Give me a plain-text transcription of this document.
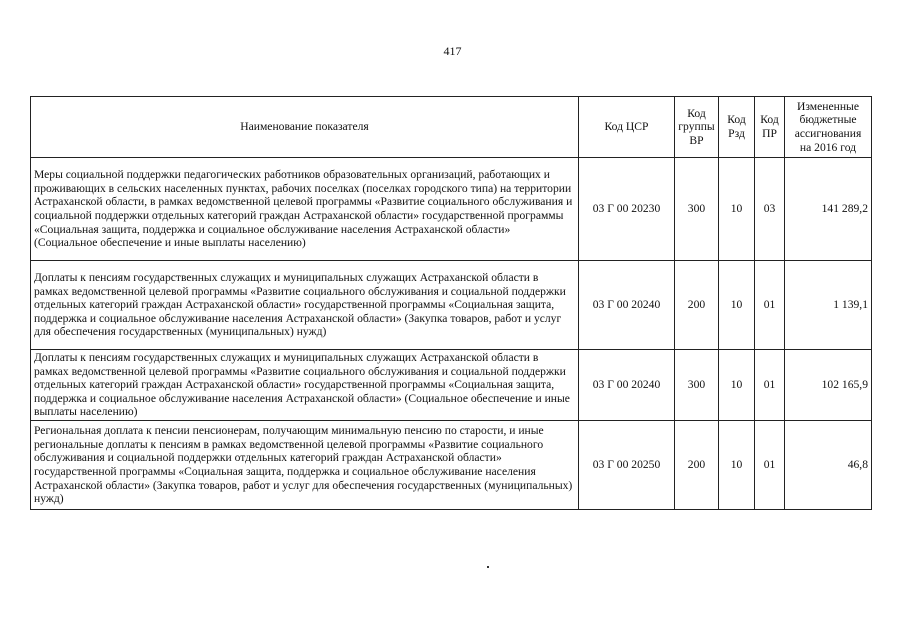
417
Наименование показателя	Код ЦСР	Код группы ВР	Код Рзд	Код ПР	Измененные бюджетные ассигнования на 2016 год
Меры социальной поддержки педагогических работников образовательных организаций, работающих и проживающих в сельских населенных пунктах, рабочих поселках (поселках городского типа) на территории Астраханской области, в рамках ведомственной целевой программы «Развитие социального обслуживания и социальной поддержки отдельных категорий граждан Астраханской области» государственной программы «Социальная защита, поддержка и социальное обслуживание населения Астраханской области» (Социальное обеспечение и иные выплаты населению)	03 Г 00 20230	300	10	03	141 289,2
Доплаты к пенсиям государственных служащих и муниципальных служащих Астраханской области в рамках ведомственной целевой программы «Развитие социального обслуживания и социальной поддержки отдельных категорий граждан Астраханской области» государственной программы «Социальная защита, поддержка и социальное обслуживание населения Астраханской области» (Закупка товаров, работ и услуг для обеспечения государственных (муниципальных) нужд)	03 Г 00 20240	200	10	01	1 139,1
Доплаты к пенсиям государственных служащих и муниципальных служащих Астраханской области в рамках ведомственной целевой программы «Развитие социального обслуживания и социальной поддержки отдельных категорий граждан Астраханской области» государственной программы «Социальная защита, поддержка и социальное обслуживание населения Астраханской области» (Социальное обеспечение и иные выплаты населению)	03 Г 00 20240	300	10	01	102 165,9
Региональная доплата к пенсии пенсионерам, получающим минимальную пенсию по старости, и иные региональные доплаты к пенсиям в рамках ведомственной целевой программы «Развитие социального обслуживания и социальной поддержки отдельных категорий граждан Астраханской области» государственной программы «Социальная защита, поддержка и социальное обслуживание населения Астраханской области» (Закупка товаров, работ и услуг для обеспечения государственных (муниципальных) нужд)	03 Г 00 20250	200	10	01	46,8
